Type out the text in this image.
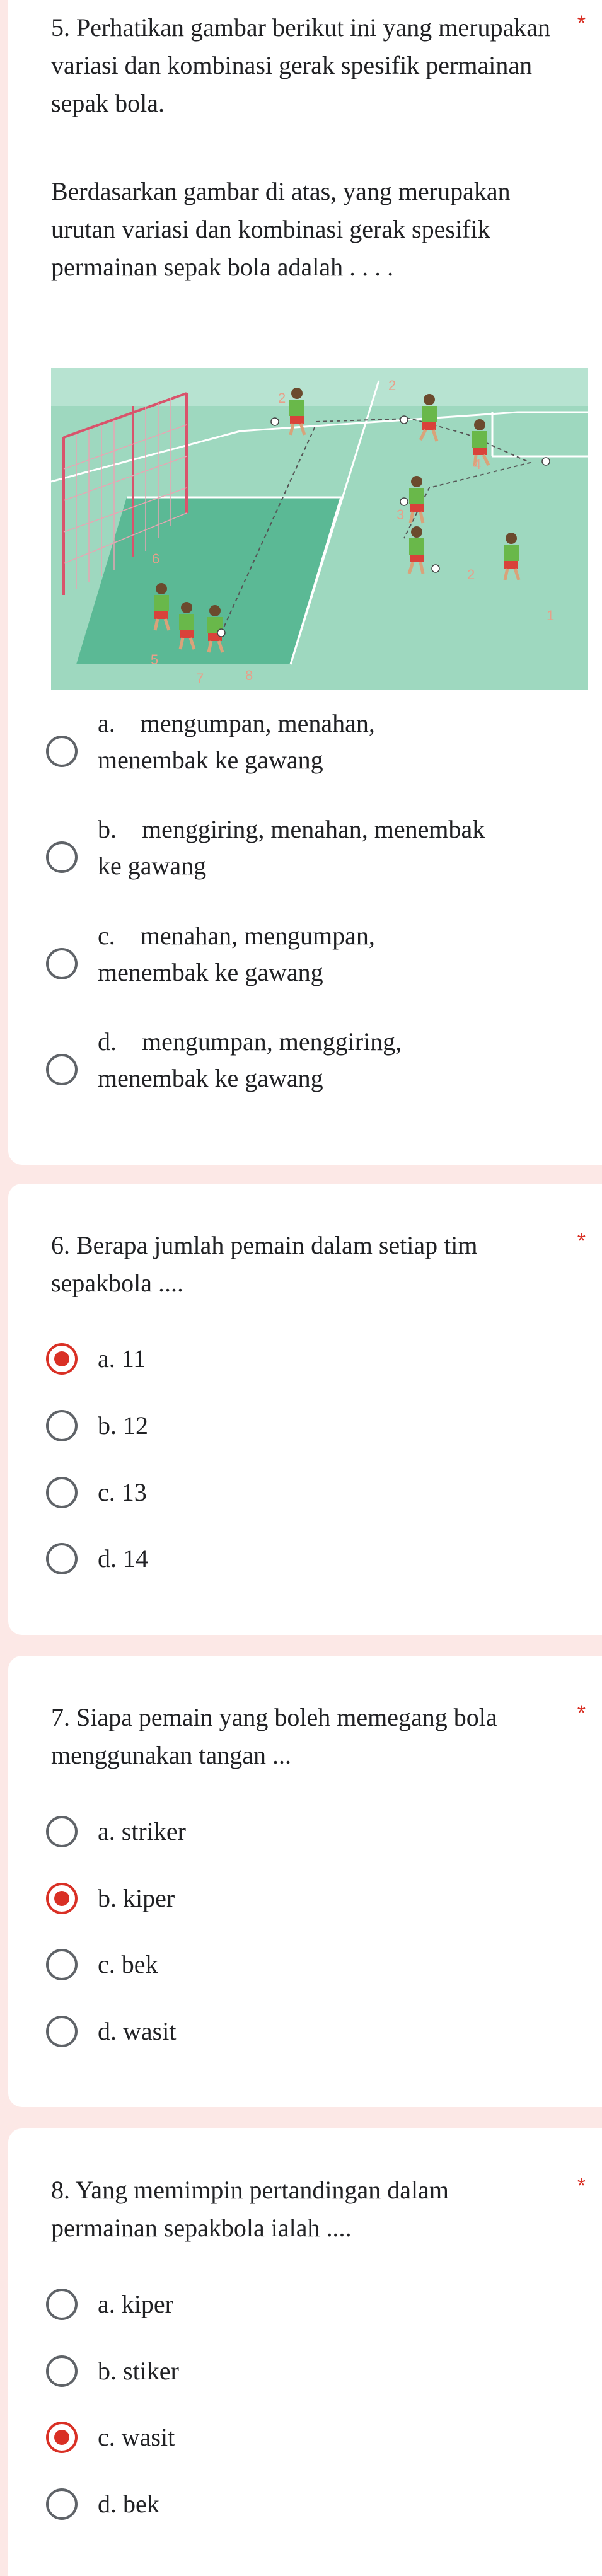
5. Perhatikan gambar berikut ini yang merupakan variasi dan kombinasi gerak spesifik permainan sepak bola.
*
Berdasarkan gambar di atas, yang merupakan urutan variasi dan kombinasi gerak spesifik permainan sepak bola adalah . . . .
2
2
4
6
3
2
1
5
7	8
a. mengumpan, menahan, menembak ke gawang
b. menggiring, menahan, menembak ke gawang
c. menahan, mengumpan, menembak ke gawang
d. mengumpan, menggiring, menembak ke gawang
6. Berapa jumlah pemain dalam setiap tim sepakbola ....
*
a. 11
b. 12
c. 13
d. 14
7. Siapa pemain yang boleh memegang bola menggunakan tangan ...
*
a. striker
b. kiper
c. bek
d. wasit
8. Yang memimpin pertandingan dalam permainan sepakbola ialah ....
*
a. kiper
b. stiker
c. wasit
d. bek
